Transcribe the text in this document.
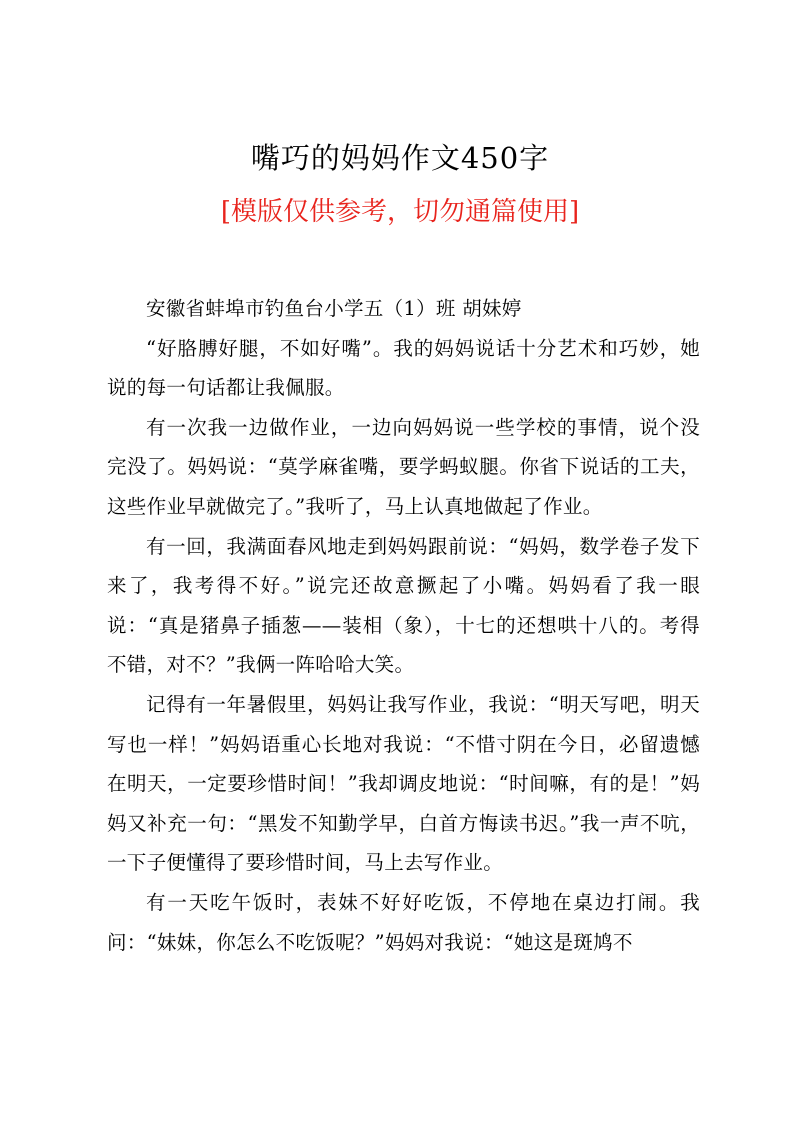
嘴巧的妈妈作文450字
[模版仅供参考，切勿通篇使用]

安徽省蚌埠市钓鱼台小学五（1）班 胡妹婷

“好胳膊好腿，不如好嘴”。我的妈妈说话十分艺术和巧妙，她说的每一句话都让我佩服。

有一次我一边做作业，一边向妈妈说一些学校的事情，说个没完没了。妈妈说：“莫学麻雀嘴，要学蚂蚁腿。你省下说话的工夫，这些作业早就做完了。”我听了，马上认真地做起了作业。

有一回，我满面春风地走到妈妈跟前说：“妈妈，数学卷子发下来了，我考得不好。”说完还故意撅起了小嘴。妈妈看了我一眼说：“真是猪鼻子插葱——装相（象），十七的还想哄十八的。考得不错，对不？”我俩一阵哈哈大笑。

记得有一年暑假里，妈妈让我写作业，我说：“明天写吧，明天写也一样！”妈妈语重心长地对我说：“不惜寸阴在今日，必留遗憾在明天，一定要珍惜时间！”我却调皮地说：“时间嘛，有的是！”妈妈又补充一句：“黑发不知勤学早，白首方悔读书迟。”我一声不吭，一下子便懂得了要珍惜时间，马上去写作业。

有一天吃午饭时，表妹不好好吃饭，不停地在桌边打闹。我问：“妹妹，你怎么不吃饭呢？”妈妈对我说：“她这是斑鸠不
